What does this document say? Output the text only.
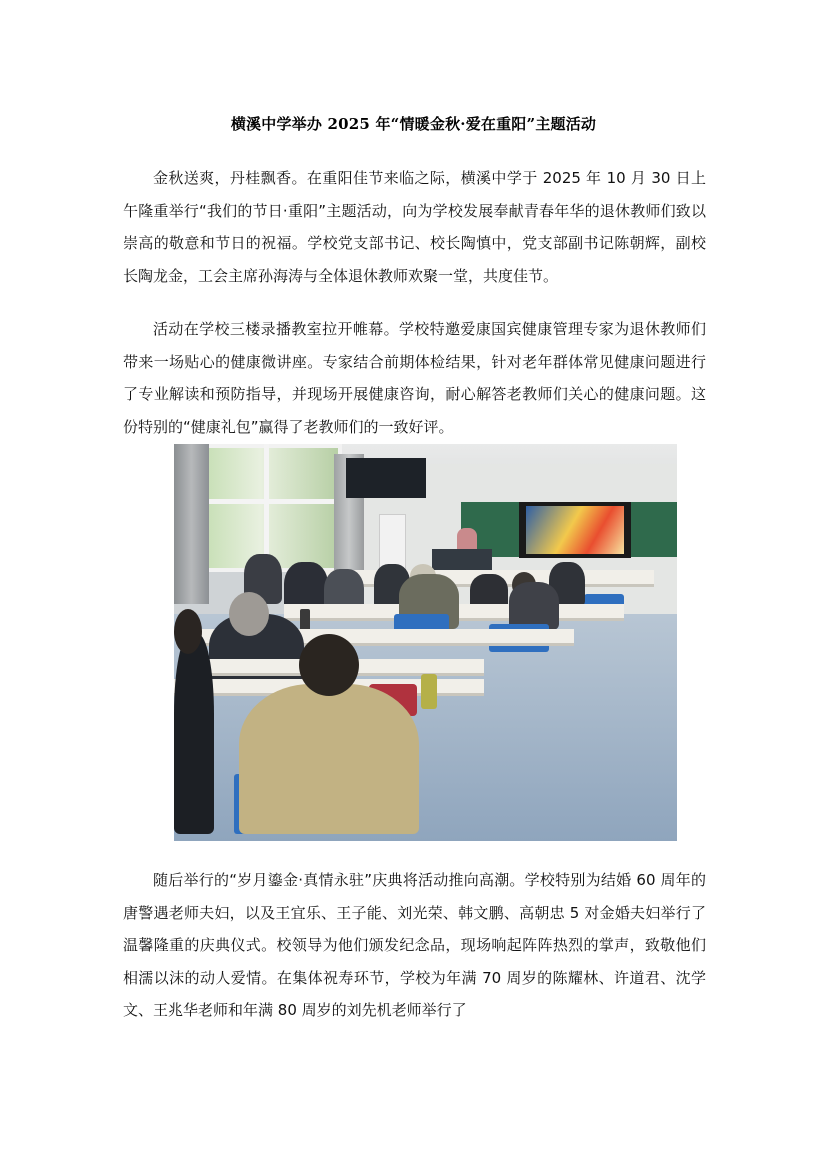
横溪中学举办 2025 年“情暖金秋·爱在重阳”主题活动

金秋送爽，丹桂飘香。在重阳佳节来临之际，横溪中学于 2025 年 10 月 30 日上午隆重举行“我们的节日·重阳”主题活动，向为学校发展奉献青春年华的退休教师们致以崇高的敬意和节日的祝福。学校党支部书记、校长陶慎中，党支部副书记陈朝辉，副校长陶龙金，工会主席孙海涛与全体退休教师欢聚一堂，共度佳节。

活动在学校三楼录播教室拉开帷幕。学校特邀爱康国宾健康管理专家为退休教师们带来一场贴心的健康微讲座。专家结合前期体检结果，针对老年群体常见健康问题进行了专业解读和预防指导，并现场开展健康咨询，耐心解答老教师们关心的健康问题。这份特别的“健康礼包”赢得了老教师们的一致好评。

随后举行的“岁月鎏金·真情永驻”庆典将活动推向高潮。学校特别为结婚 60 周年的唐警遇老师夫妇，以及王宜乐、王子能、刘光荣、韩文鹏、高朝忠 5 对金婚夫妇举行了温馨隆重的庆典仪式。校领导为他们颁发纪念品，现场响起阵阵热烈的掌声，致敬他们相濡以沫的动人爱情。在集体祝寿环节，学校为年满 70 周岁的陈耀林、许道君、沈学文、王兆华老师和年满 80 周岁的刘先机老师举行了
